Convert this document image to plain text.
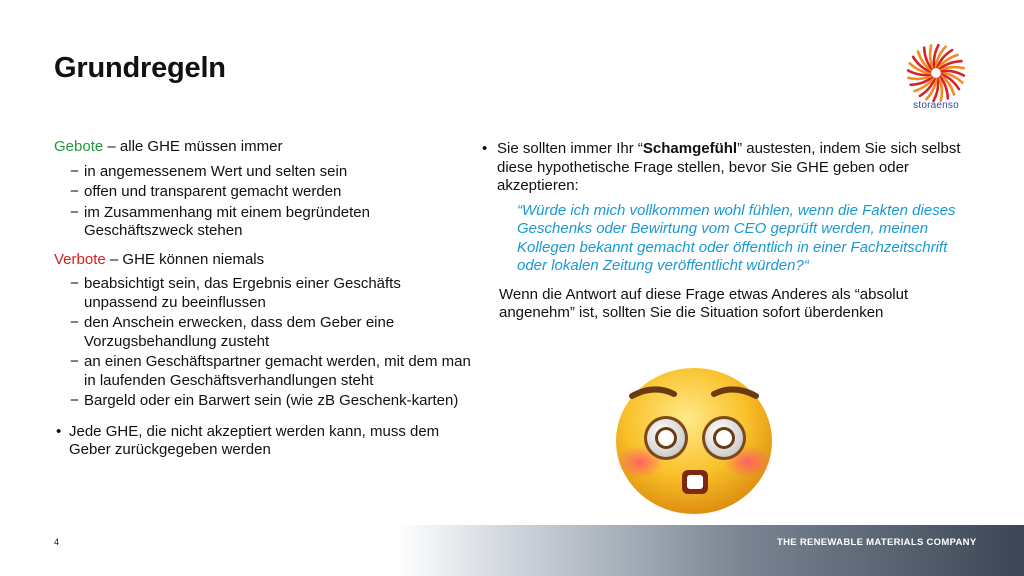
Grundregeln
storaenso

Gebote – alle GHE müssen immer

− in angemessenem Wert und selten sein

− offen und transparent gemacht werden

− im Zusammenhang mit einem begründeten Geschäftszweck stehen

Verbote – GHE können niemals

− beabsichtigt sein, das Ergebnis einer Geschäfts unpassend zu beeinflussen

− den Anschein erwecken, dass dem Geber eine Vorzugsbehandlung zusteht

− an einen Geschäftspartner gemacht werden, mit dem man in laufenden Geschäftsverhandlungen steht

− Bargeld oder ein Barwert sein (wie zB Geschenk-karten)

• Jede GHE, die nicht akzeptiert werden kann, muss dem Geber zurückgegeben werden

• Sie sollten immer Ihr “Schamgefühl” austesten, indem Sie sich selbst diese hypothetische Frage stellen, bevor Sie GHE geben oder akzeptieren:

“Würde ich mich vollkommen wohl fühlen, wenn die Fakten dieses Geschenks oder Bewirtung vom CEO geprüft werden, meinen Kollegen bekannt gemacht oder öffentlich in einer Fachzeitschrift oder lokalen Zeitung veröffentlicht würden?“

Wenn die Antwort auf diese Frage etwas Anderes als “absolut angenehm” ist, sollten Sie die Situation sofort überdenken

4	THE RENEWABLE MATERIALS COMPANY
